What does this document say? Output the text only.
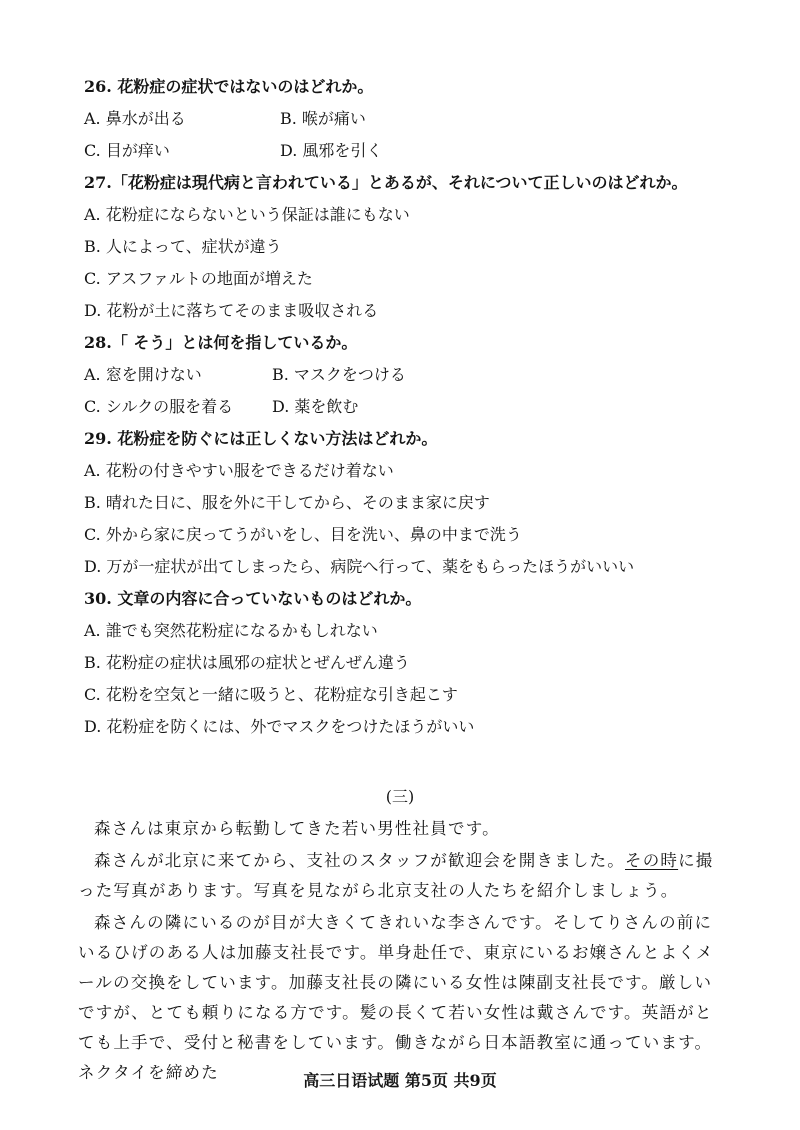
26. 花粉症の症状ではないのはどれか。
A. 鼻水が出る	B. 喉が痛い
C. 目が痒い	D. 風邪を引く
27.「花粉症は現代病と言われている」とあるが、それについて正しいのはどれか。
A. 花粉症にならないという保証は誰にもない
B. 人によって、症状が違う
C. アスファルトの地面が増えた
D. 花粉が土に落ちてそのまま吸収される
28.「 そう」とは何を指しているか。
A. 窓を開けない	B. マスクをつける
C. シルクの服を着る D. 薬を飲む
29. 花粉症を防ぐには正しくない方法はどれか。
A. 花粉の付きやすい服をできるだけ着ない
B. 晴れた日に、服を外に干してから、そのまま家に戻す
C. 外から家に戻ってうがいをし、目を洗い、鼻の中まで洗う
D. 万が一症状が出てしまったら、病院へ行って、薬をもらったほうがいいい
30. 文章の内容に合っていないものはどれか。
A. 誰でも突然花粉症になるかもしれない
B. 花粉症の症状は風邪の症状とぜんぜん違う
C. 花粉を空気と一緒に吸うと、花粉症な引き起こす
D. 花粉症を防くには、外でマスクをつけたほうがいい
(三)
森さんは東京から転勤してきた若い男性社員です。
森さんが北京に来てから、支社のスタッフが歓迎会を開きました。その時に撮った写真があります。写真を見ながら北京支社の人たちを紹介しましょう。
森さんの隣にいるのが目が大きくてきれいな李さんです。そしてりさんの前にいるひげのある人は加藤支社長です。単身赴任で、東京にいるお嬢さんとよくメールの交換をしています。加藤支社長の隣にいる女性は陳副支社長です。厳しいですが、とても頼りになる方です。髪の長くて若い女性は戴さんです。英語がとても上手で、受付と秘書をしています。働きながら日本語教室に通っています。ネクタイを締めた	高三日语试题 第5页 共9页
